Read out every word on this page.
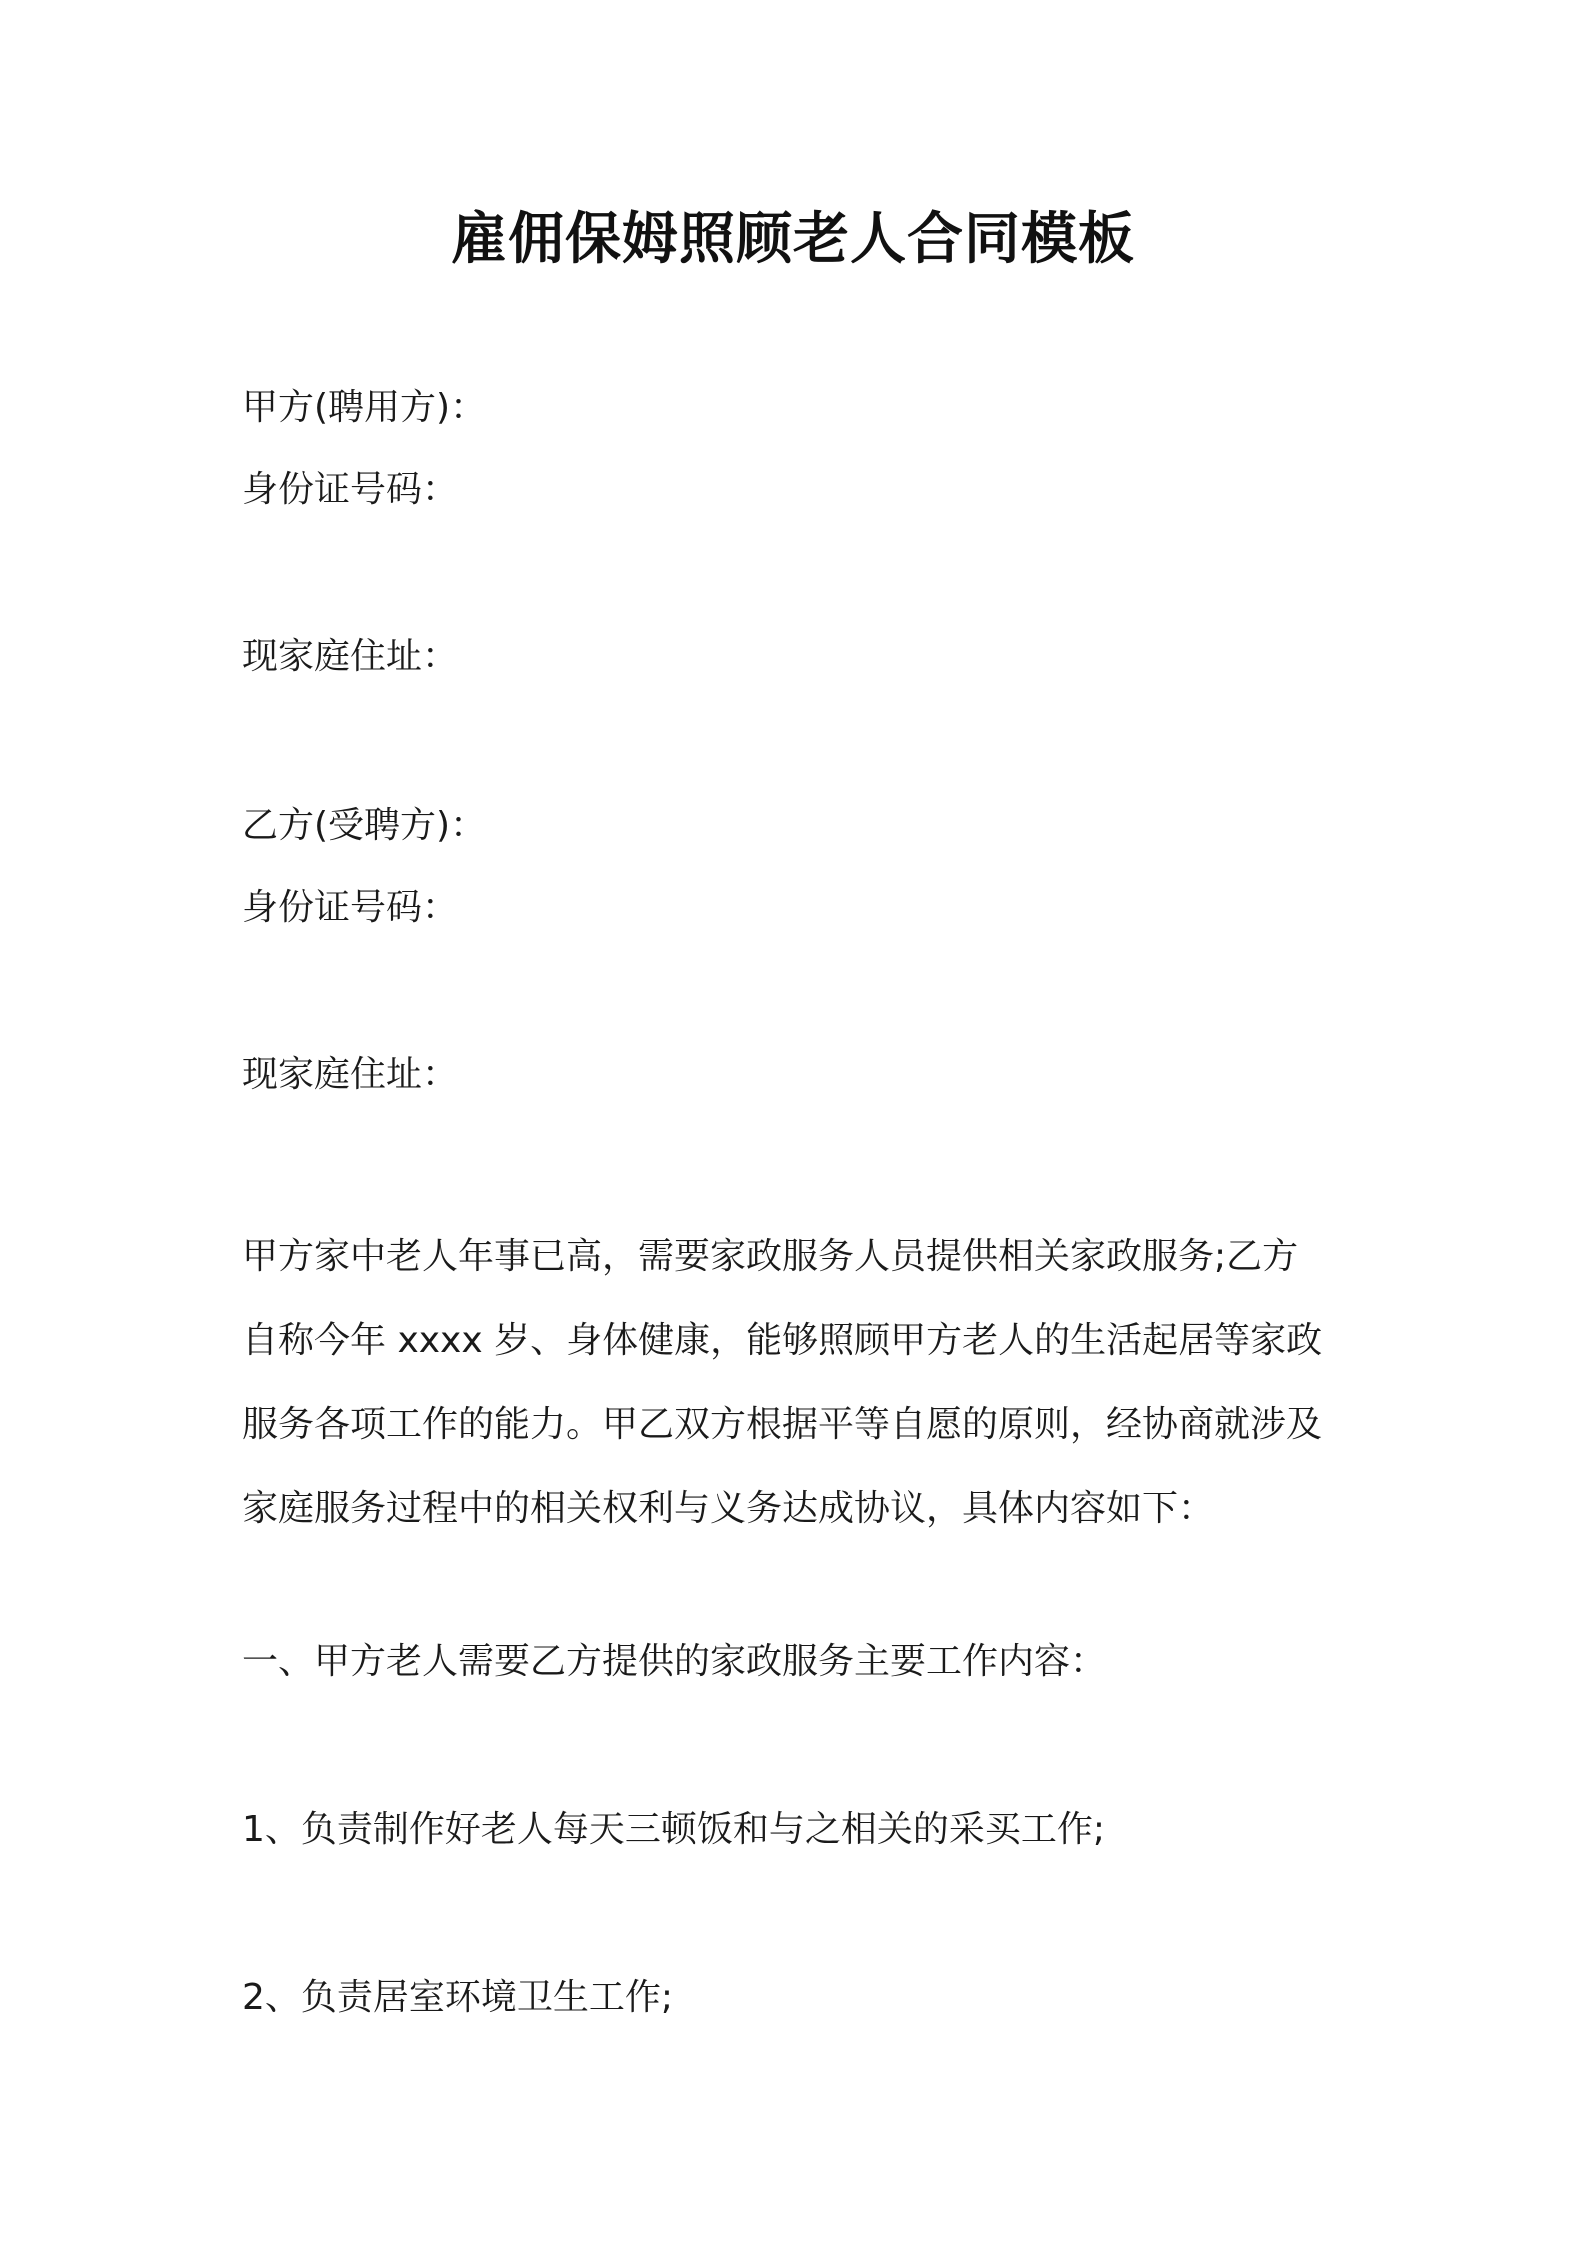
雇佣保姆照顾老人合同模板
甲方(聘用方)：
身份证号码：
现家庭住址：
乙方(受聘方)：
身份证号码：
现家庭住址：
甲方家中老人年事已高，需要家政服务人员提供相关家政服务;乙方
自称今年 xxxx 岁、身体健康，能够照顾甲方老人的生活起居等家政
服务各项工作的能力。甲乙双方根据平等自愿的原则，经协商就涉及
家庭服务过程中的相关权利与义务达成协议，具体内容如下：
一、甲方老人需要乙方提供的家政服务主要工作内容：
1、负责制作好老人每天三顿饭和与之相关的采买工作;
2、负责居室环境卫生工作;
